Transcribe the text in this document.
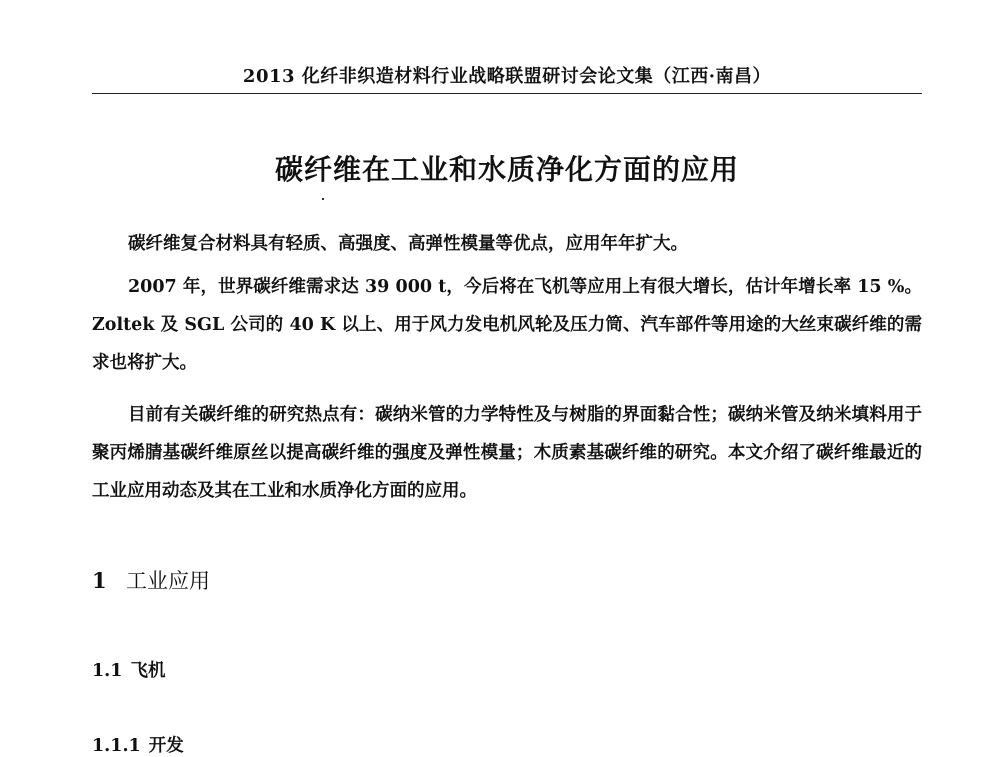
2013 化纤非织造材料行业战略联盟研讨会论文集（江西·南昌）
碳纤维在工业和水质净化方面的应用

碳纤维复合材料具有轻质、高强度、高弹性模量等优点，应用年年扩大。

2007 年，世界碳纤维需求达 39 000 t，今后将在飞机等应用上有很大增长，估计年增长率 15 %。Zoltek 及 SGL 公司的 40 K 以上、用于风力发电机风轮及压力筒、汽车部件等用途的大丝束碳纤维的需求也将扩大。

目前有关碳纤维的研究热点有：碳纳米管的力学特性及与树脂的界面黏合性；碳纳米管及纳米填料用于聚丙烯腈基碳纤维原丝以提高碳纤维的强度及弹性模量；木质素基碳纤维的研究。本文介绍了碳纤维最近的工业应用动态及其在工业和水质净化方面的应用。

1 工业应用
1.1 飞机
1.1.1 开发
